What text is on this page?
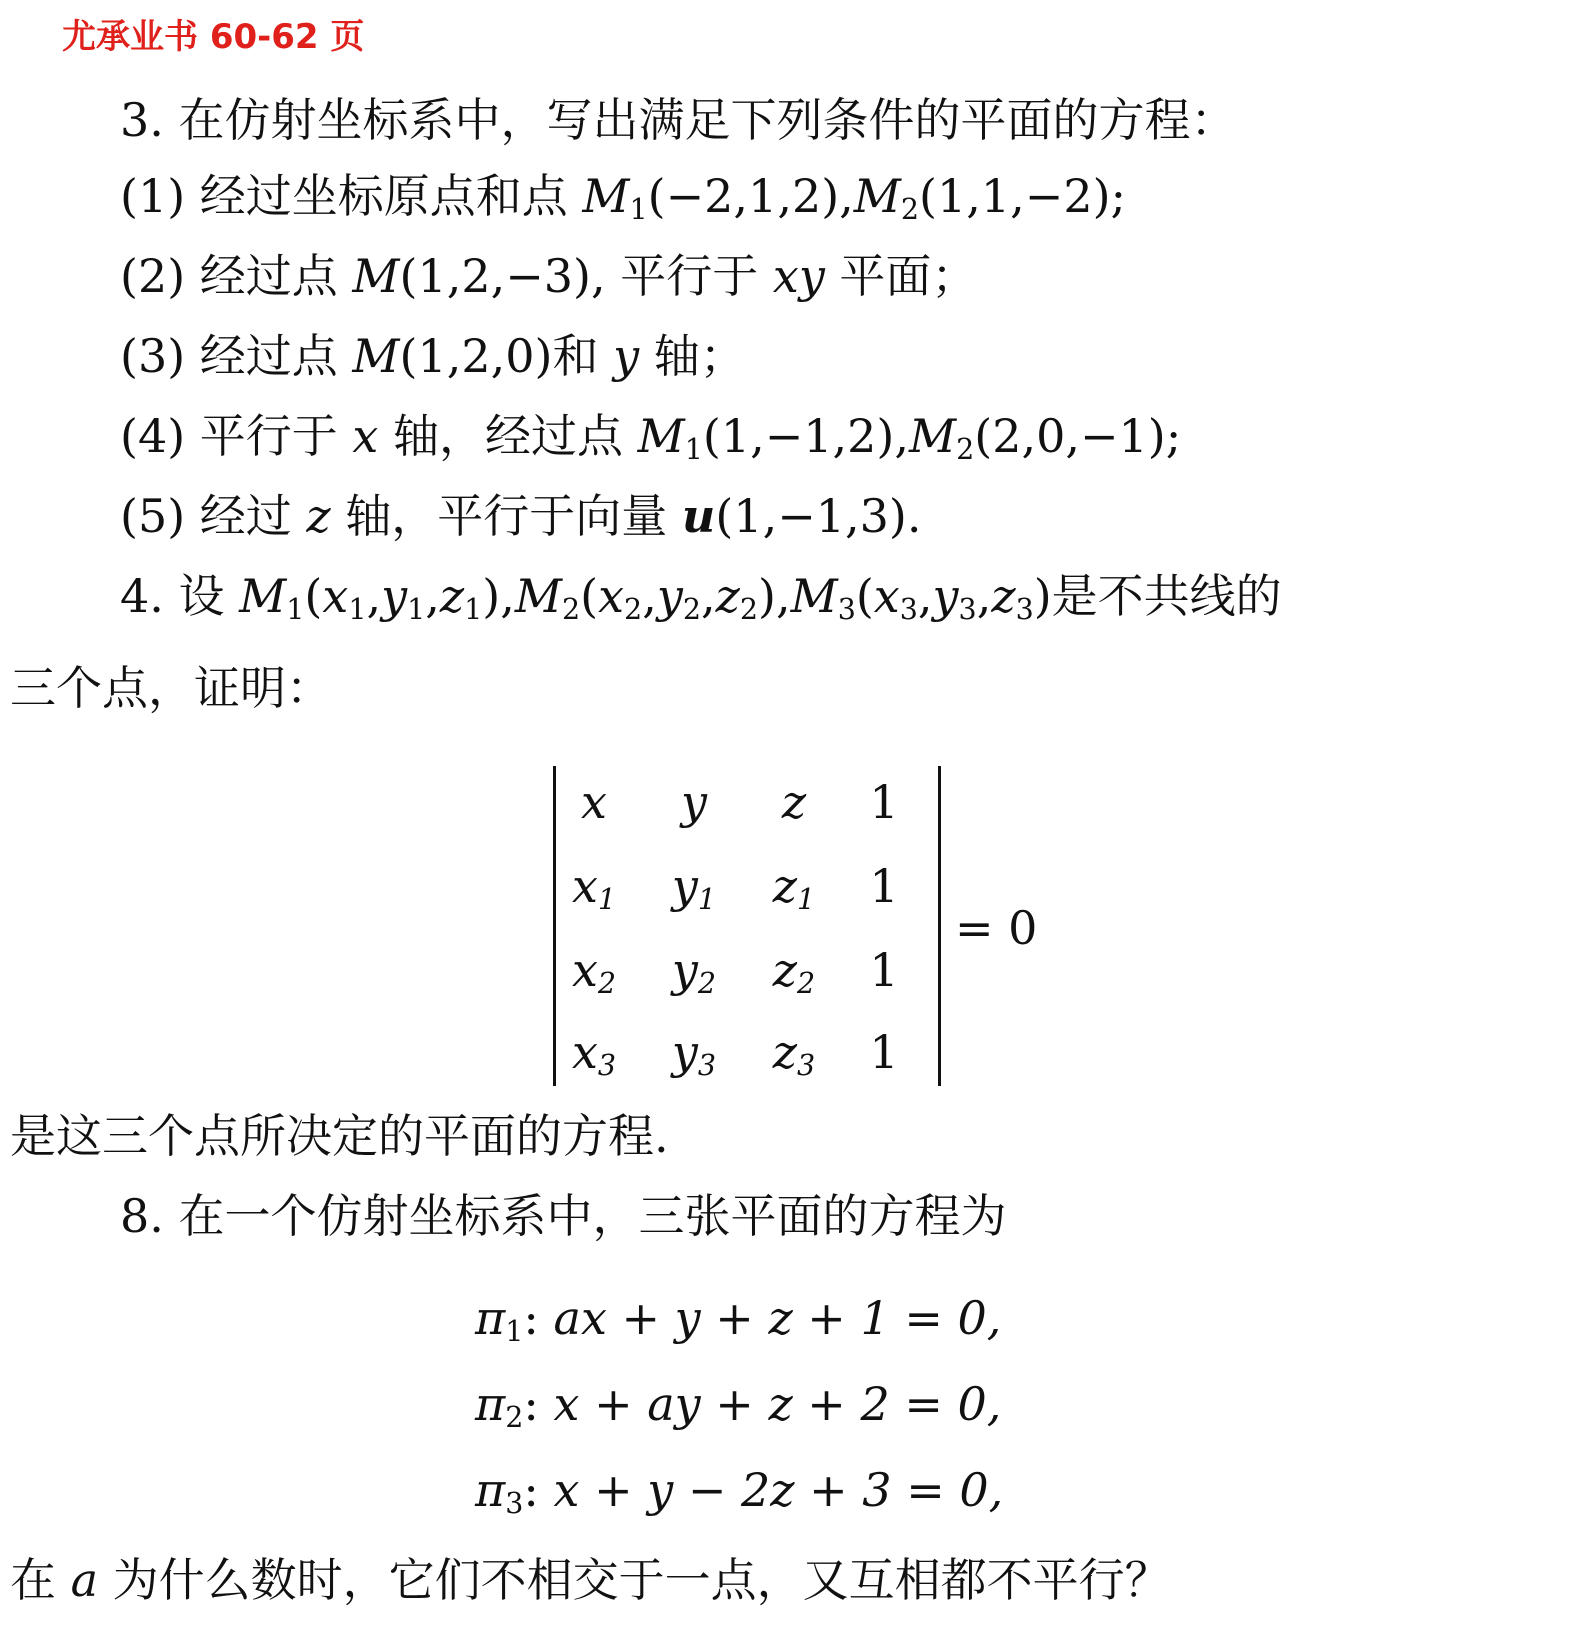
尤承业书 60-62 页
3. 在仿射坐标系中，写出满足下列条件的平面的方程：
(1) 经过坐标原点和点 $M_1(-2,1,2),M_2(1,1,-2)$;
(2) 经过点 M(1,2,−3), 平行于 xy 平面；
(3) 经过点 M(1,2,0)和 y 轴；
(4) 平行于 x 轴，经过点 $M_1(1,-1,2),M_2(2,0,-1)$;
(5) 经过 z 轴，平行于向量 u(1,−1,3).
4. 设 $M_1(x_1,y_1,z_1),M_2(x_2,y_2,z_2),M_3(x_3,y_3,z_3)$是不共线的
三个点，证明：
x	y	z	1
$x_1$	$y_1$	$z_1$	1
$x_2$	$y_2$	$z_2$	1
$x_3$	$y_3$	$z_3$	1
= 0
是这三个点所决定的平面的方程.
8. 在一个仿射坐标系中，三张平面的方程为
$\pi_1$: ax + y + z + 1 = 0,
$\pi_2$: x + ay + z + 2 = 0,
$\pi_3$: x + y − 2z + 3 = 0,
在 a 为什么数时，它们不相交于一点，又互相都不平行？
